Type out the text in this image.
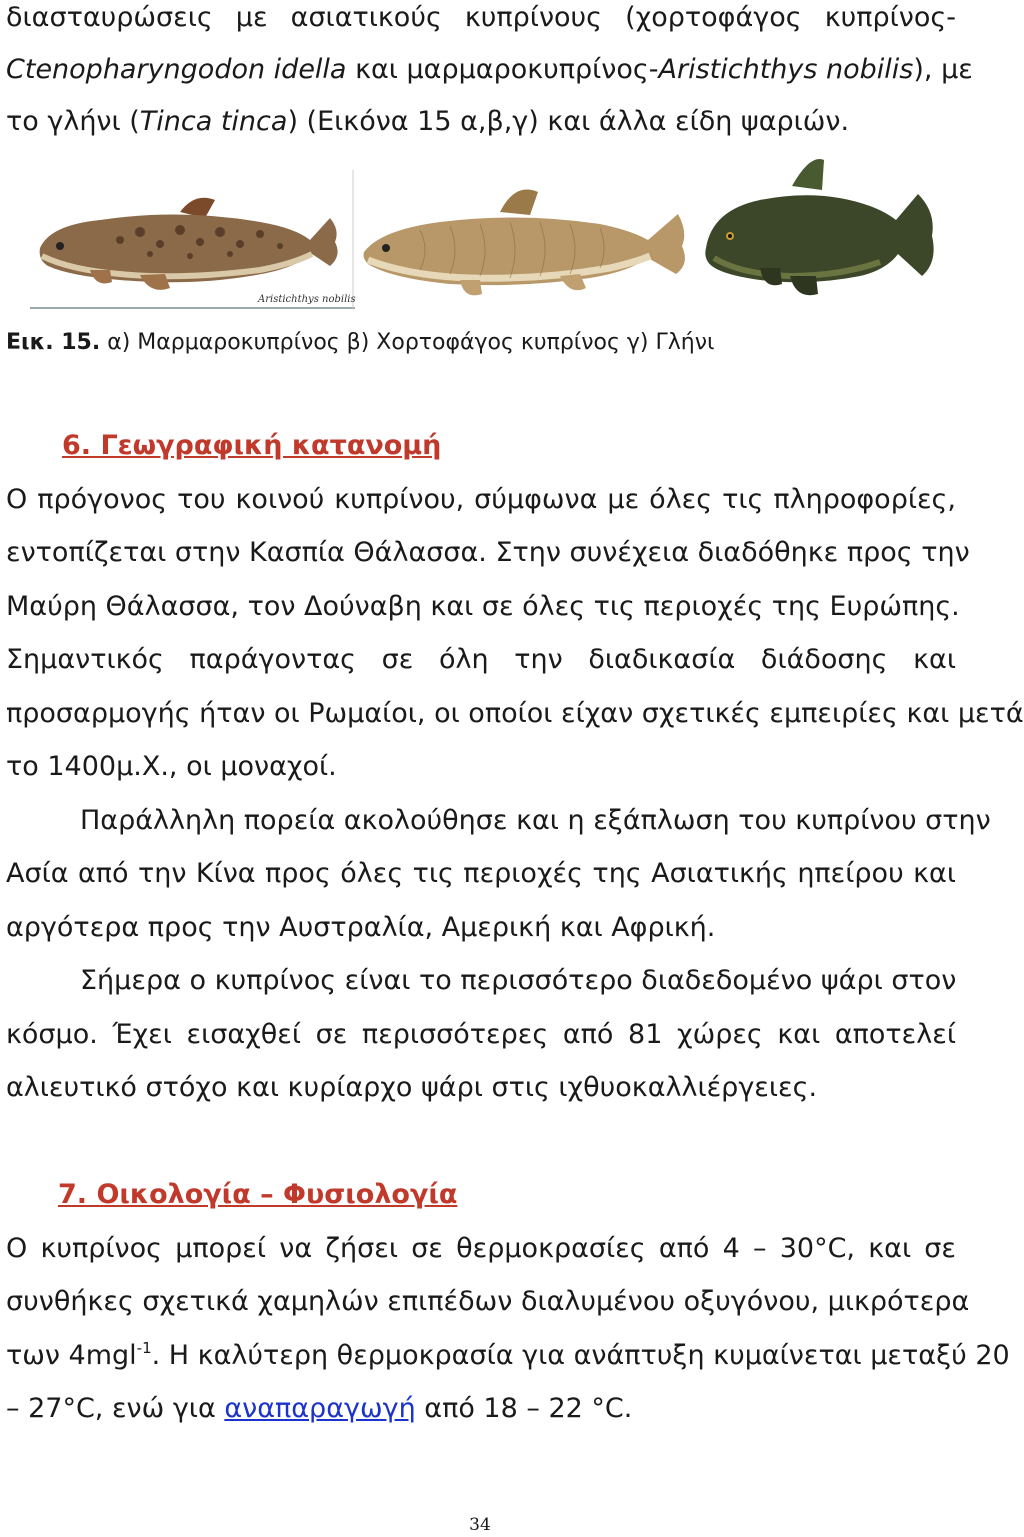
διασταυρώσεις με ασιατικούς κυπρίνους (χορτοφάγος κυπρίνος-
Ctenopharyngodon idella και μαρμαροκυπρίνος-Aristichthys nobilis), με
το γλήνι (Tinca tinca) (Εικόνα 15 α,β,γ) και άλλα είδη ψαριών.
Aristichthys nobilis
Εικ. 15. α) Μαρμαροκυπρίνος β) Χορτοφάγος κυπρίνος γ) Γλήνι
6. Γεωγραφική κατανομή
Ο πρόγονος του κοινού κυπρίνου, σύμφωνα με όλες τις πληροφορίες,
εντοπίζεται στην Κασπία Θάλασσα. Στην συνέχεια διαδόθηκε προς την
Μαύρη Θάλασσα, τον Δούναβη και σε όλες τις περιοχές της Ευρώπης.
Σημαντικός παράγοντας σε όλη την διαδικασία διάδοσης και
προσαρμογής ήταν οι Ρωμαίοι, οι οποίοι είχαν σχετικές εμπειρίες και μετά
το 1400μ.Χ., οι μοναχοί.
Παράλληλη πορεία ακολούθησε και η εξάπλωση του κυπρίνου στην
Ασία από την Κίνα προς όλες τις περιοχές της Ασιατικής ηπείρου και
αργότερα προς την Αυστραλία, Αμερική και Αφρική.
Σήμερα ο κυπρίνος είναι το περισσότερο διαδεδομένο ψάρι στον
κόσμο. Έχει εισαχθεί σε περισσότερες από 81 χώρες και αποτελεί
αλιευτικό στόχο και κυρίαρχο ψάρι στις ιχθυοκαλλιέργειες.
7. Οικολογία – Φυσιολογία
Ο κυπρίνος μπορεί να ζήσει σε θερμοκρασίες από 4 – 30°C, και σε
συνθήκες σχετικά χαμηλών επιπέδων διαλυμένου οξυγόνου, μικρότερα
των 4mgl$^{-1}$. Η καλύτερη θερμοκρασία για ανάπτυξη κυμαίνεται μεταξύ 20
– 27°C, ενώ για αναπαραγωγή από 18 – 22 °C.
34
